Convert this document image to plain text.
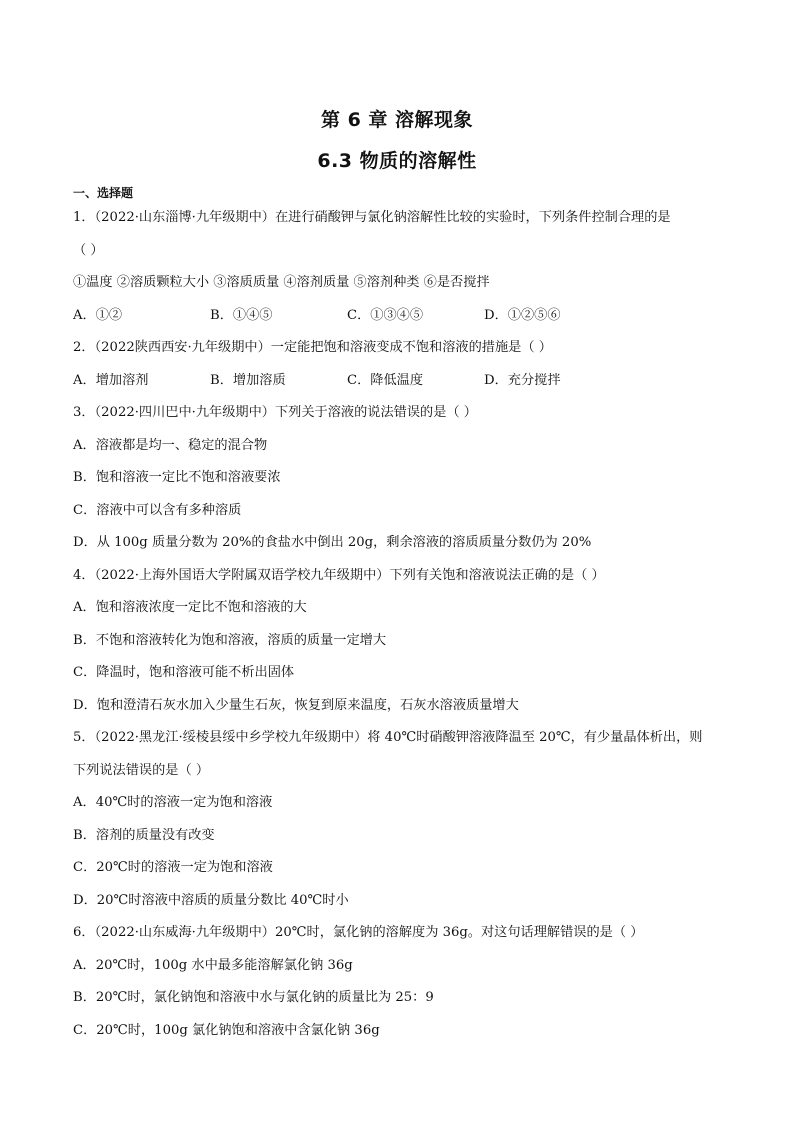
第 6 章 溶解现象
6.3 物质的溶解性
一、选择题
1．（2022·山东淄博·九年级期中）在进行硝酸钾与氯化钠溶解性比较的实验时，下列条件控制合理的是
（ ）
①温度 ②溶质颗粒大小 ③溶质质量 ④溶剂质量 ⑤溶剂种类 ⑥是否搅拌
A．①②	B．①④⑤	C．①③④⑤	D．①②⑤⑥
2．（2022陕西西安·九年级期中）一定能把饱和溶液变成不饱和溶液的措施是（ ）
A．增加溶剂	B．增加溶质	C．降低温度	D．充分搅拌
3．（2022·四川巴中·九年级期中）下列关于溶液的说法错误的是（ ）
A．溶液都是均一、稳定的混合物
B．饱和溶液一定比不饱和溶液要浓
C．溶液中可以含有多种溶质
D．从 100g 质量分数为 20%的食盐水中倒出 20g，剩余溶液的溶质质量分数仍为 20%
4．（2022·上海外国语大学附属双语学校九年级期中）下列有关饱和溶液说法正确的是（ ）
A．饱和溶液浓度一定比不饱和溶液的大
B．不饱和溶液转化为饱和溶液，溶质的质量一定增大
C．降温时，饱和溶液可能不析出固体
D．饱和澄清石灰水加入少量生石灰，恢复到原来温度，石灰水溶液质量增大
5．（2022·黑龙江·绥棱县绥中乡学校九年级期中）将 40℃时硝酸钾溶液降温至 20℃，有少量晶体析出，则
下列说法错误的是（ ）
A．40℃时的溶液一定为饱和溶液
B．溶剂的质量没有改变
C．20℃时的溶液一定为饱和溶液
D．20℃时溶液中溶质的质量分数比 40℃时小
6．（2022·山东威海·九年级期中）20℃时，氯化钠的溶解度为 36g。对这句话理解错误的是（ ）
A．20℃时，100g 水中最多能溶解氯化钠 36g
B．20℃时，氯化钠饱和溶液中水与氯化钠的质量比为 25：9
C．20℃时，100g 氯化钠饱和溶液中含氯化钠 36g
